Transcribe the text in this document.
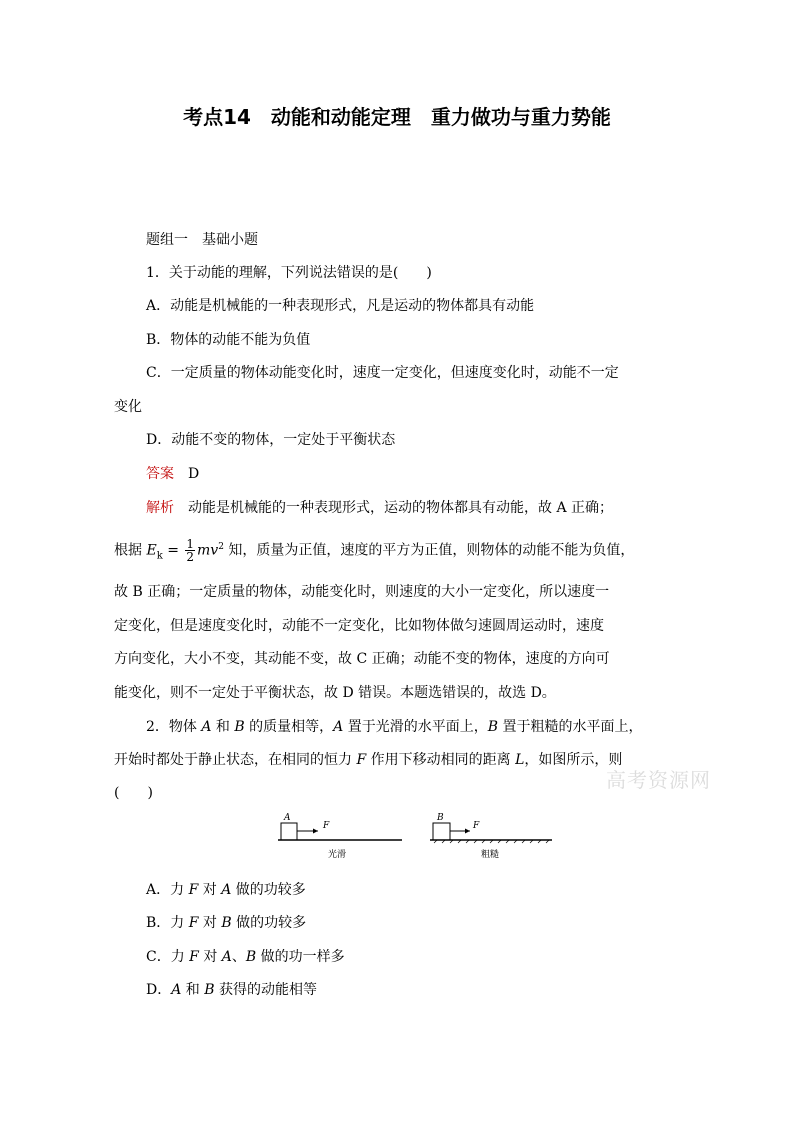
考点14　动能和动能定理　重力做功与重力势能
题组一　基础小题
1．关于动能的理解，下列说法错误的是(　　)
A．动能是机械能的一种表现形式，凡是运动的物体都具有动能
B．物体的动能不能为负值
C．一定质量的物体动能变化时，速度一定变化，但速度变化时，动能不一定
变化
D．动能不变的物体，一定处于平衡状态
答案　 D
解析　 动能是机械能的一种表现形式，运动的物体都具有动能，故 A 正确；
根据 $E_k = \frac{1}{2} mv^2$ 知，质量为正值，速度的平方为正值，则物体的动能不能为负值，
故 B 正确；一定质量的物体，动能变化时，则速度的大小一定变化，所以速度一
定变化，但是速度变化时，动能不一定变化，比如物体做匀速圆周运动时，速度
方向变化，大小不变，其动能不变，故 C 正确；动能不变的物体，速度的方向可
能变化，则不一定处于平衡状态，故 D 错误。本题选错误的，故选 D。
2．物体 A 和 B 的质量相等，A 置于光滑的水平面上，B 置于粗糙的水平面上，
开始时都处于静止状态，在相同的恒力 F 作用下移动相同的距离 L，如图所示，则
(　　)
高考资源网
A
F
光滑
B
F
粗糙
A．力 F 对 A 做的功较多
B．力 F 对 B 做的功较多
C．力 F 对 A、B 做的功一样多
D．A 和 B 获得的动能相等
